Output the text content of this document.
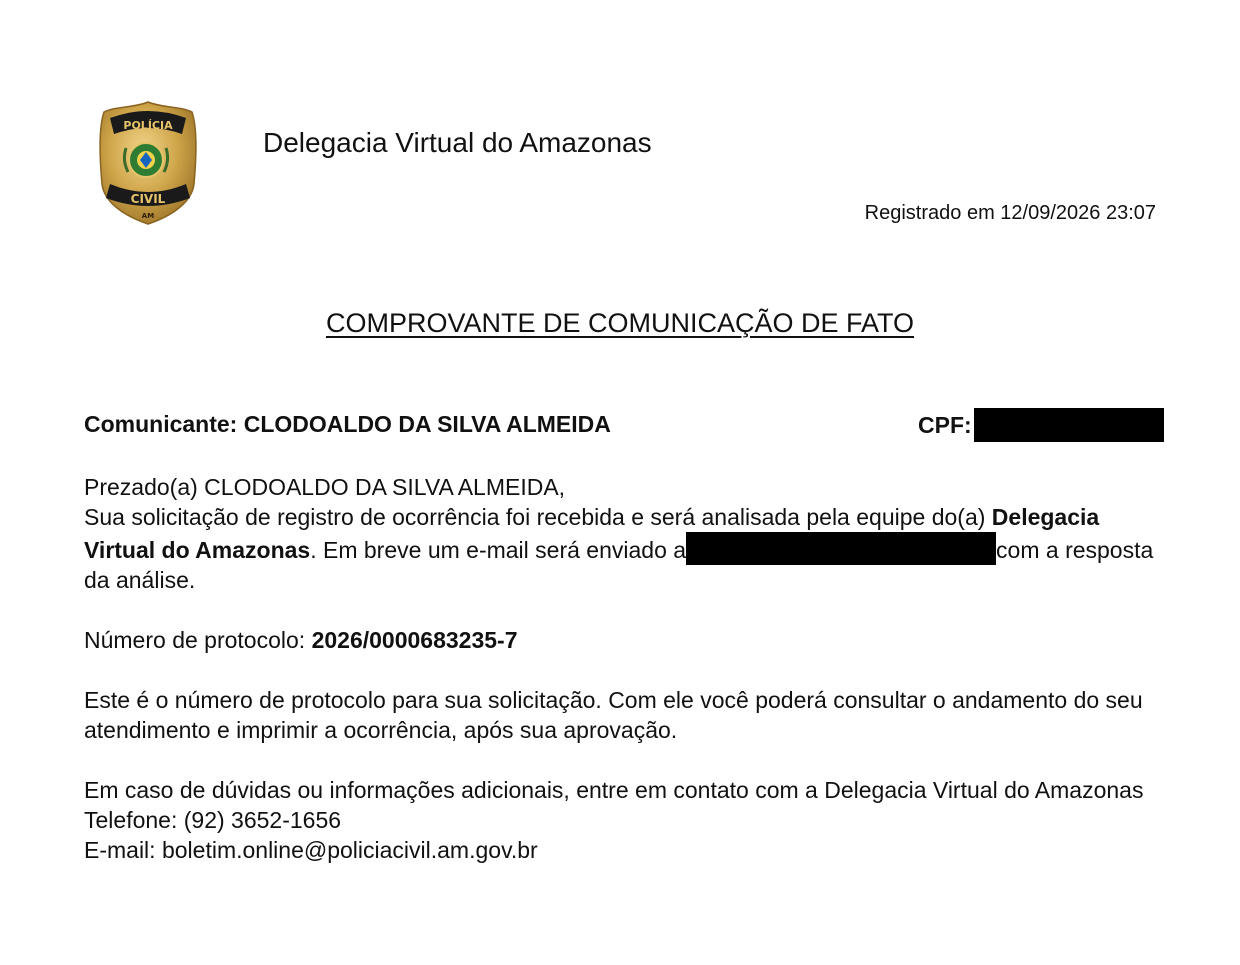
POLÍCIA
CIVIL
AM
Delegacia Virtual do Amazonas
Registrado em 12/09/2026 23:07
COMPROVANTE DE COMUNICAÇÃO DE FATO
Comunicante: CLODOALDO DA SILVA ALMEIDA	CPF:

Prezado(a) CLODOALDO DA SILVA ALMEIDA,

Sua solicitação de registro de ocorrência foi recebida e será analisada pela equipe do(a) Delegacia Virtual do Amazonas. Em breve um e-mail será enviado a	com a resposta da análise.

Número de protocolo: 2026/0000683235-7

Este é o número de protocolo para sua solicitação. Com ele você poderá consultar o andamento do seu atendimento e imprimir a ocorrência, após sua aprovação.

Em caso de dúvidas ou informações adicionais, entre em contato com a Delegacia Virtual do Amazonas

Telefone: (92) 3652-1656

E-mail: boletim.online@policiacivil.am.gov.br
